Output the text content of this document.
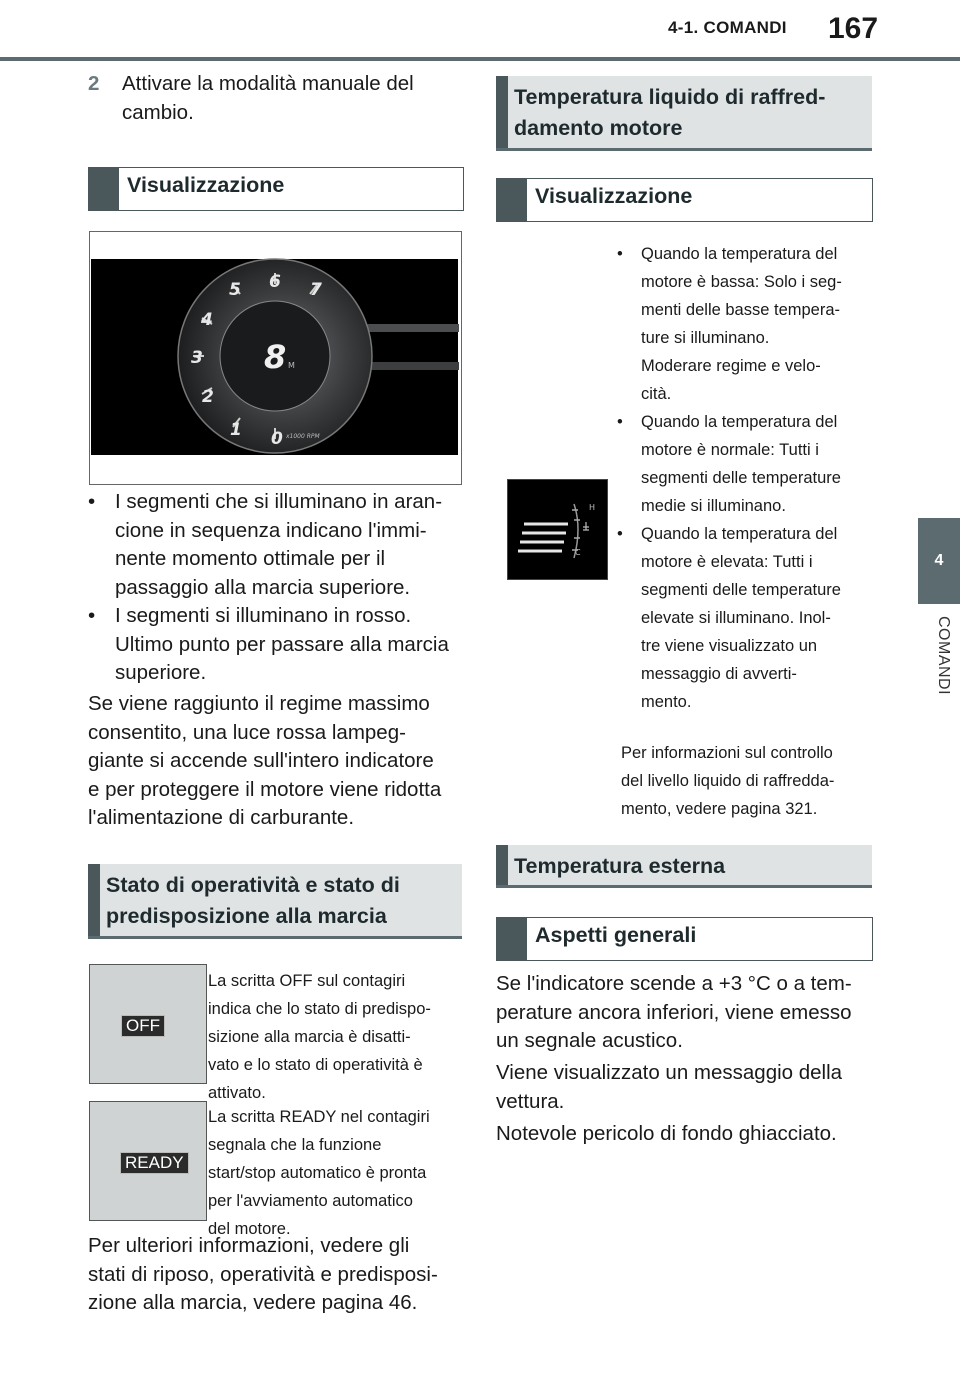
4-1. COMANDI 167
4
COMANDI
2 Attivare la modalità manuale del
cambio.

Visualizzazione
0
1
2
3
4
5 6 7
8 M
x1000 RPM
• I segmenti che si illuminano in aran-
cione in sequenza indicano l'immi-
nente momento ottimale per il
passaggio alla marcia superiore.
• I segmenti si illuminano in rosso.
Ultimo punto per passare alla marcia
superiore.

Se viene raggiunto il regime massimo
consentito, una luce rossa lampeg-
giante si accende sull'intero indicatore
e per proteggere il motore viene ridotta
l'alimentazione di carburante.

Stato di operatività e stato di
predisposizione alla marcia
OFF

La scritta OFF sul contagiri
indica che lo stato di predispo-
sizione alla marcia è disatti-
vato e lo stato di operatività è
attivato.

READY

La scritta READY nel contagiri
segnala che la funzione
start/stop automatico è pronta
per l'avviamento automatico
del motore.

Per ulteriori informazioni, vedere gli
stati di riposo, operatività e predisposi-
zione alla marcia, vedere pagina 46.

Temperatura liquido di raffred-
damento motore
Visualizzazione
H
C
• Quando la temperatura del
motore è bassa: Solo i seg-
menti delle basse tempera-
ture si illuminano.
Moderare regime e velo-
cità.
• Quando la temperatura del
motore è normale: Tutti i
segmenti delle temperature
medie si illuminano.
• Quando la temperatura del
motore è elevata: Tutti i
segmenti delle temperature
elevate si illuminano. Inol-
tre viene visualizzato un
messaggio di avverti-
mento.

Per informazioni sul controllo
del livello liquido di raffredda-
mento, vedere pagina 321.

Temperatura esterna
Aspetti generali

Se l'indicatore scende a +3 °C o a tem-
perature ancora inferiori, viene emesso
un segnale acustico.

Viene visualizzato un messaggio della
vettura.

Notevole pericolo di fondo ghiacciato.
